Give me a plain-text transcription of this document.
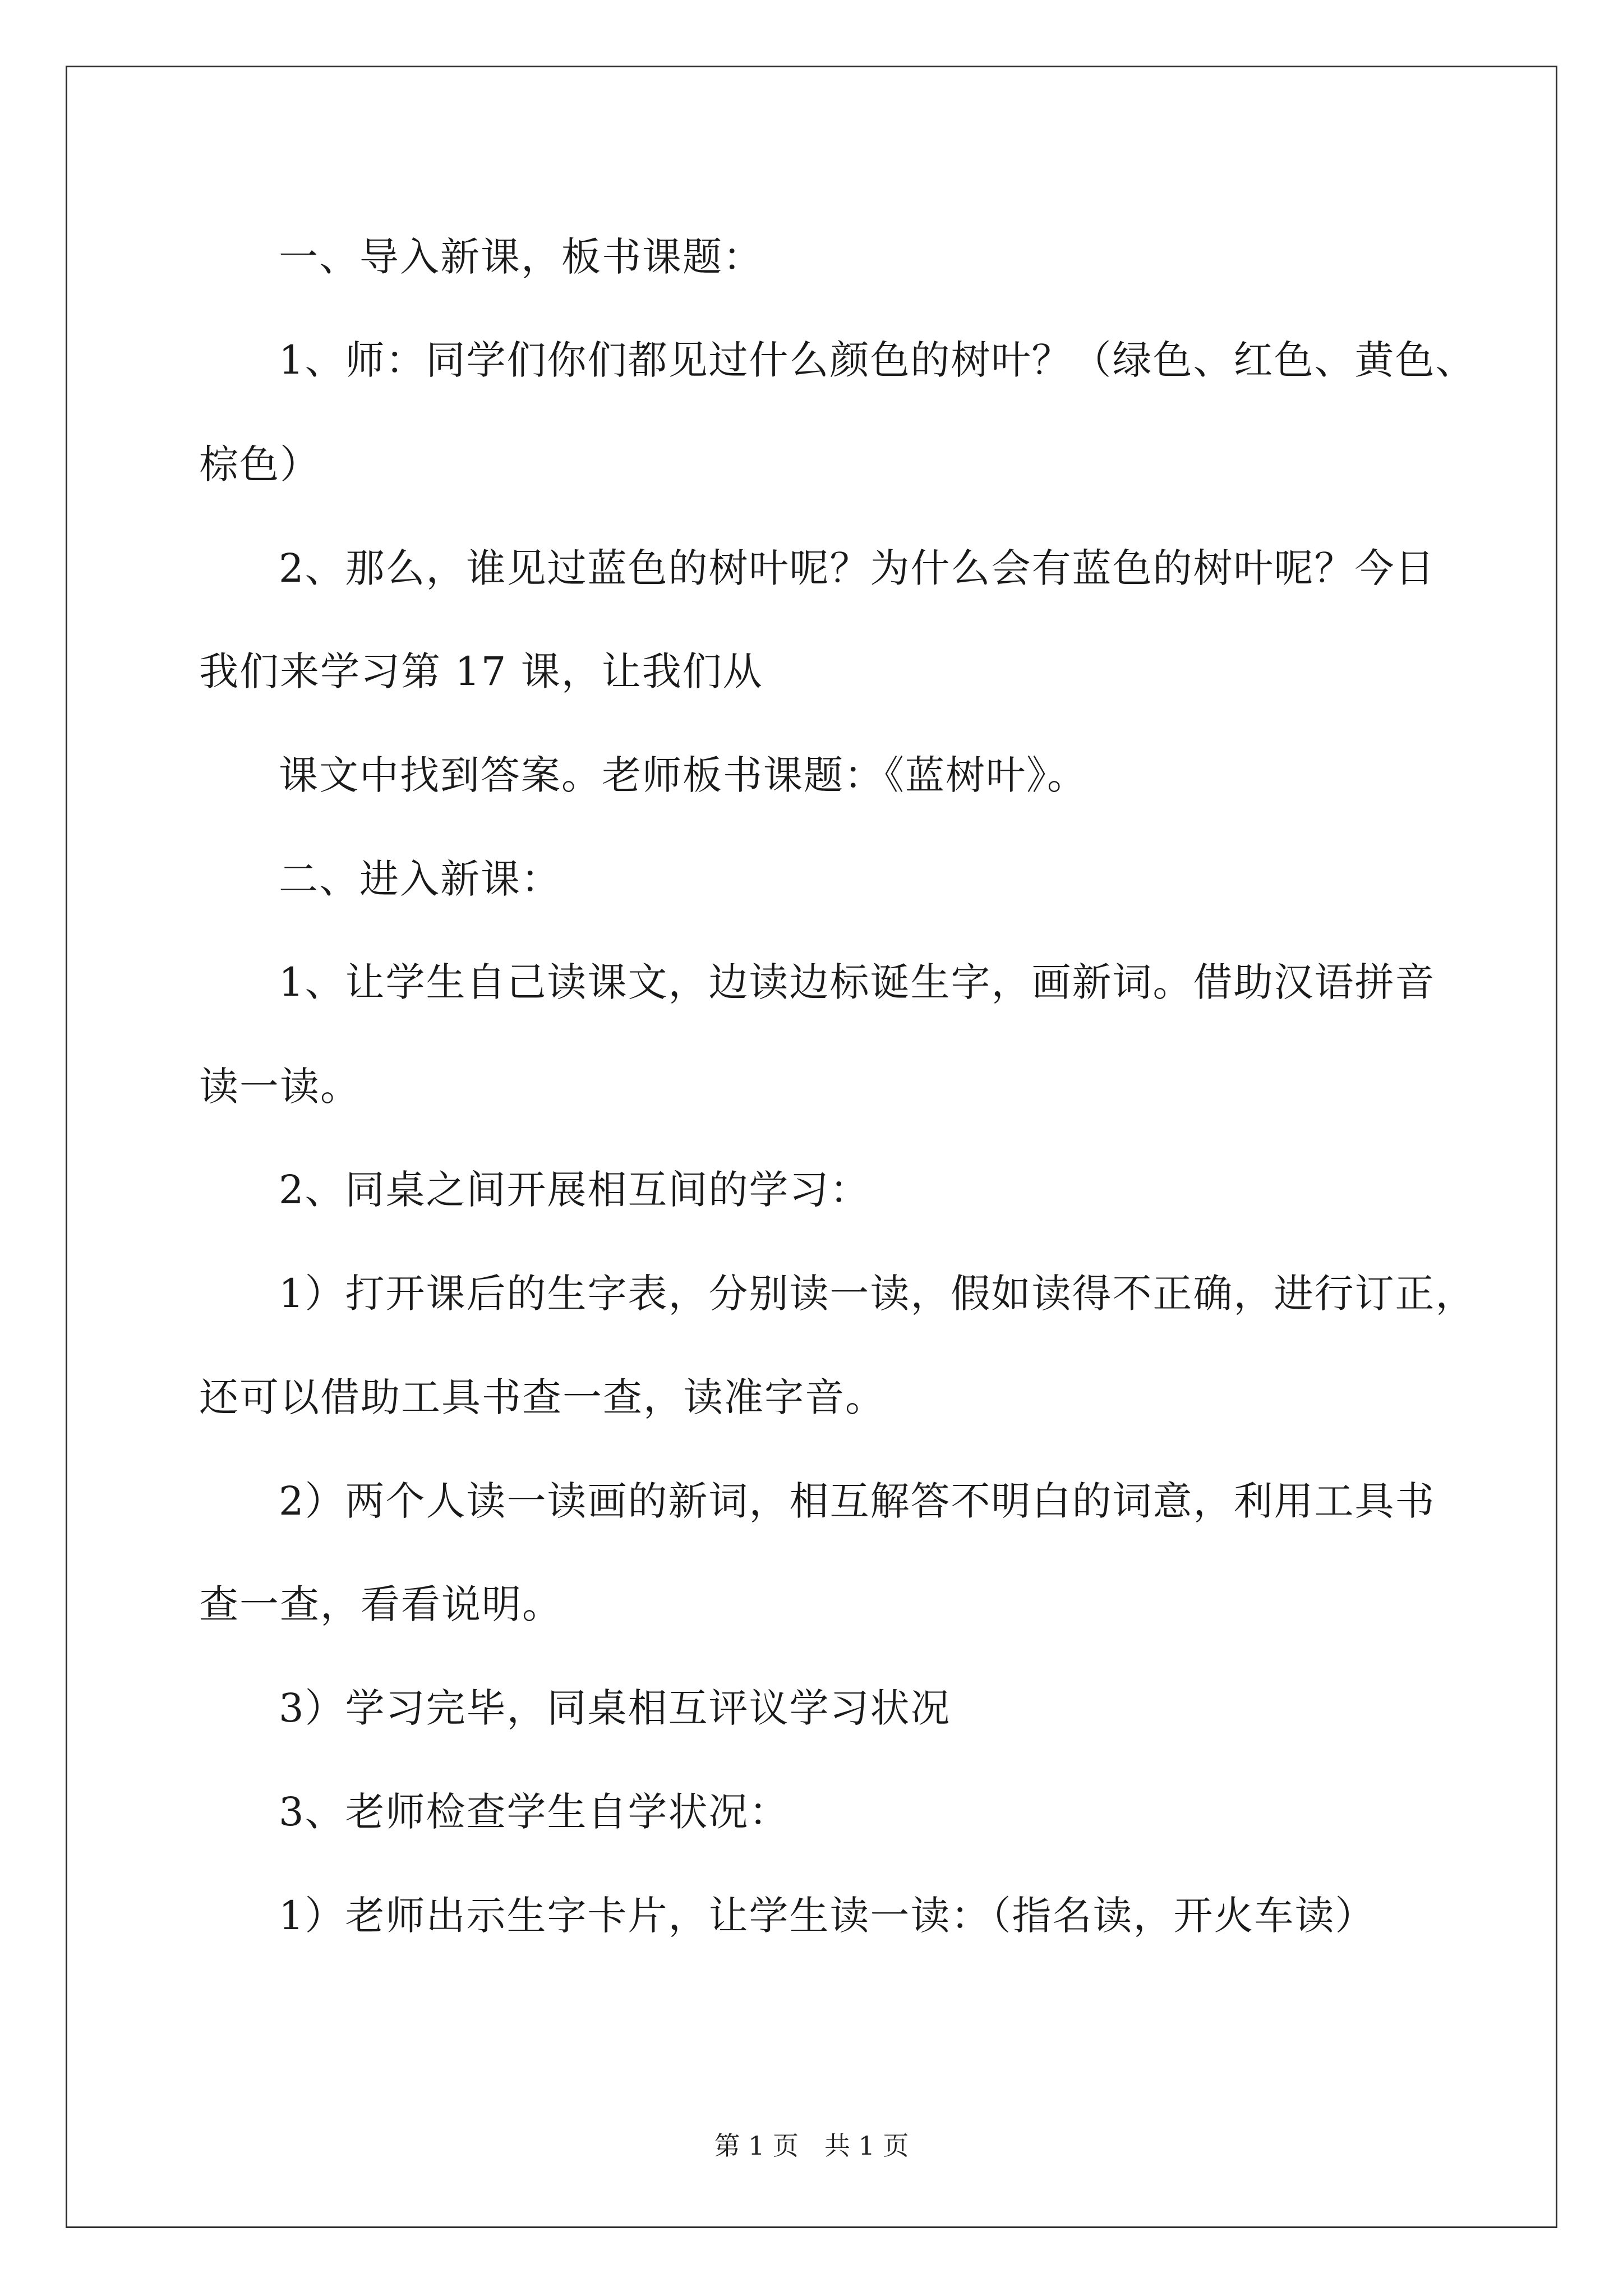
一、导入新课，板书课题：
1、师：同学们你们都见过什么颜色的树叶？（绿色、红色、黄色、
棕色）
2、那么，谁见过蓝色的树叶呢？为什么会有蓝色的树叶呢？今日
我们来学习第 17 课，让我们从
课文中找到答案。老师板书课题：《蓝树叶》。
二、进入新课：
1、让学生自己读课文，边读边标诞生字，画新词。借助汉语拼音
读一读。
2、同桌之间开展相互间的学习：
1）打开课后的生字表，分别读一读，假如读得不正确，进行订正，
还可以借助工具书查一查，读准字音。
2）两个人读一读画的新词，相互解答不明白的词意，利用工具书
查一查，看看说明。
3）学习完毕，同桌相互评议学习状况
3、老师检查学生自学状况：
1）老师出示生字卡片，让学生读一读：（指名读，开火车读）
第 1 页　共 1 页
